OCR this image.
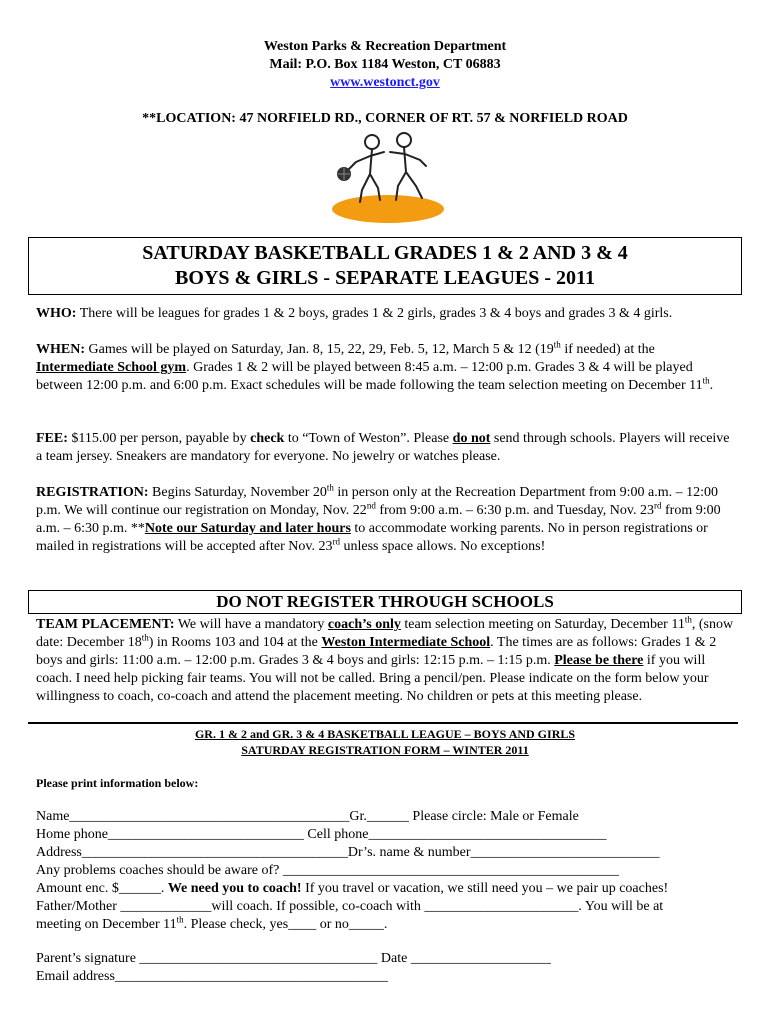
Weston Parks & Recreation Department
Mail: P.O. Box 1184 Weston, CT 06883
www.westonct.gov
**LOCATION: 47 NORFIELD RD., CORNER OF RT. 57 & NORFIELD ROAD
SATURDAY BASKETBALL GRADES 1 & 2 AND 3 & 4
BOYS & GIRLS - SEPARATE LEAGUES - 2011

WHO: There will be leagues for grades 1 & 2 boys, grades 1 & 2 girls, grades 3 & 4 boys and grades 3 & 4 girls.

WHEN: Games will be played on Saturday, Jan. 8, 15, 22, 29, Feb. 5, 12, March 5 & 12 (19th if needed) at the Intermediate School gym. Grades 1 & 2 will be played between 8:45 a.m. – 12:00 p.m. Grades 3 & 4 will be played between 12:00 p.m. and 6:00 p.m. Exact schedules will be made following the team selection meeting on December 11th.

FEE: $115.00 per person, payable by check to “Town of Weston”. Please do not send through schools. Players will receive a team jersey. Sneakers are mandatory for everyone. No jewelry or watches please.

REGISTRATION: Begins Saturday, November 20th in person only at the Recreation Department from 9:00 a.m. – 12:00 p.m. We will continue our registration on Monday, Nov. 22nd from 9:00 a.m. – 6:30 p.m. and Tuesday, Nov. 23rd from 9:00 a.m. – 6:30 p.m. **Note our Saturday and later hours to accommodate working parents. No in person registrations or mailed in registrations will be accepted after Nov. 23rd unless space allows. No exceptions!

DO NOT REGISTER THROUGH SCHOOLS

TEAM PLACEMENT: We will have a mandatory coach’s only team selection meeting on Saturday, December 11th, (snow date: December 18th) in Rooms 103 and 104 at the Weston Intermediate School. The times are as follows: Grades 1 & 2 boys and girls: 11:00 a.m. – 12:00 p.m. Grades 3 & 4 boys and girls: 12:15 p.m. – 1:15 p.m. Please be there if you will coach. I need help picking fair teams. You will not be called. Bring a pencil/pen. Please indicate on the form below your willingness to coach, co-coach and attend the placement meeting. No children or pets at this meeting please.

GR. 1 & 2 and GR. 3 & 4 BASKETBALL LEAGUE – BOYS AND GIRLS
SATURDAY REGISTRATION FORM – WINTER 2011
Please print information below:
Name________________________________________Gr.______ Please circle: Male or Female
Home phone____________________________ Cell phone__________________________________
Address______________________________________Dr’s. name & number___________________________
Any problems coaches should be aware of? ________________________________________________
Amount enc. $______. We need you to coach! If you travel or vacation, we still need you – we pair up coaches!
Father/Mother _____________will coach. If possible, co-coach with ______________________. You will be at
meeting on December 11th. Please check, yes____ or no_____.
Parent’s signature __________________________________ Date ____________________
Email address_______________________________________
